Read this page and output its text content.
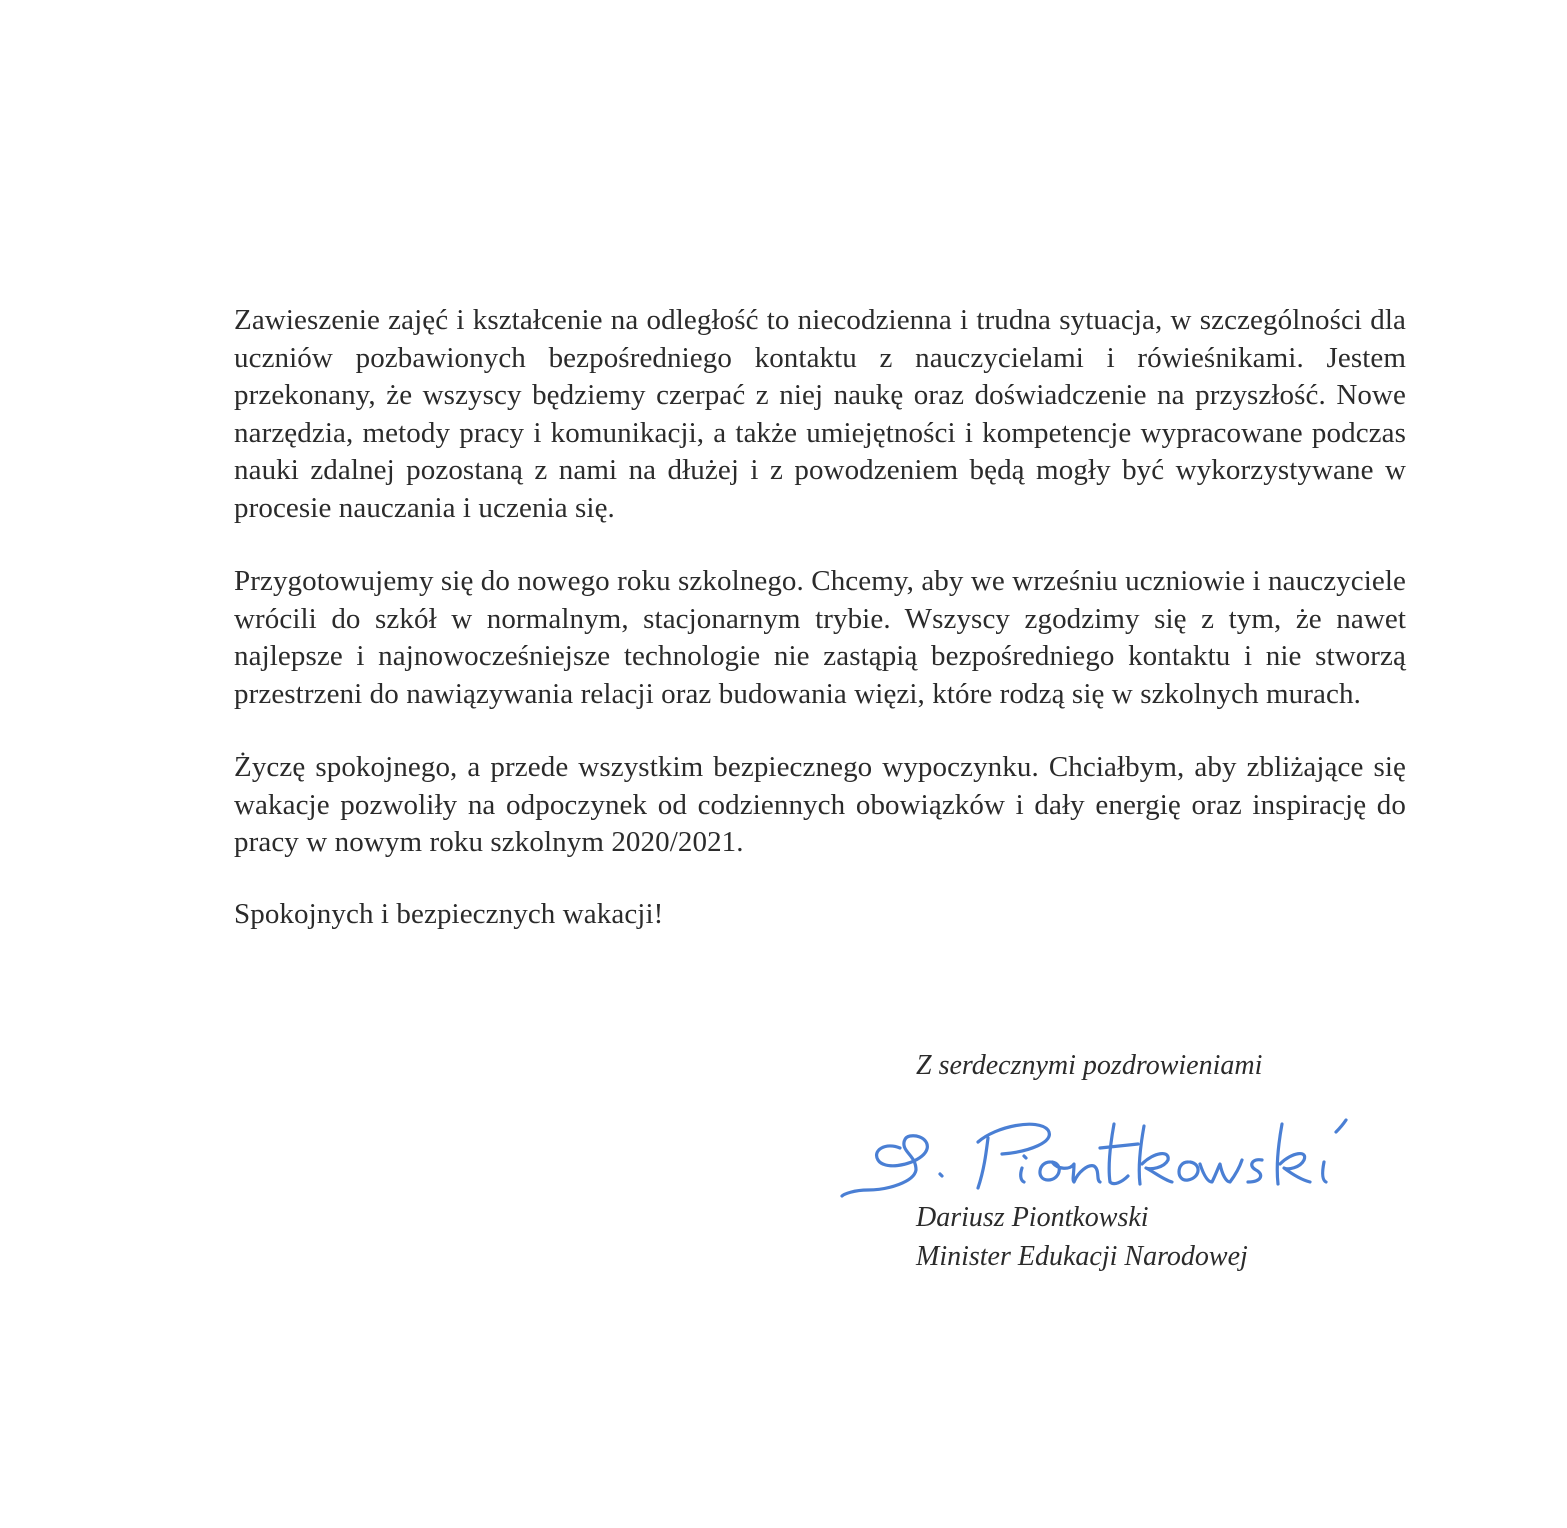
Zawieszenie zajęć i kształcenie na odległość to niecodzienna i trudna sytuacja, w szczególności dla uczniów pozbawionych bezpośredniego kontaktu z nauczycielami i rówieśnikami. Jestem przekonany, że wszyscy będziemy czerpać z niej naukę oraz doświadczenie na przyszłość. Nowe narzędzia, metody pracy i komunikacji, a także umiejętności i kompetencje wypracowane podczas nauki zdalnej pozostaną z nami na dłużej i z powodzeniem będą mogły być wykorzystywane w procesie nauczania i uczenia się.

Przygotowujemy się do nowego roku szkolnego. Chcemy, aby we wrześniu uczniowie i nauczyciele wrócili do szkół w normalnym, stacjonarnym trybie. Wszyscy zgodzimy się z tym, że nawet najlepsze i najnowocześniejsze technologie nie zastąpią bezpośredniego kontaktu i nie stworzą przestrzeni do nawiązywania relacji oraz budowania więzi, które rodzą się w szkolnych murach.

Życzę spokojnego, a przede wszystkim bezpiecznego wypoczynku. Chciałbym, aby zbliżające się wakacje pozwoliły na odpoczynek od codziennych obowiązków i dały energię oraz inspirację do pracy w nowym roku szkolnym 2020/2021.

Spokojnych i bezpiecznych wakacji!

Z serdecznymi pozdrowieniami
Dariusz Piontkowski
Minister Edukacji Narodowej
